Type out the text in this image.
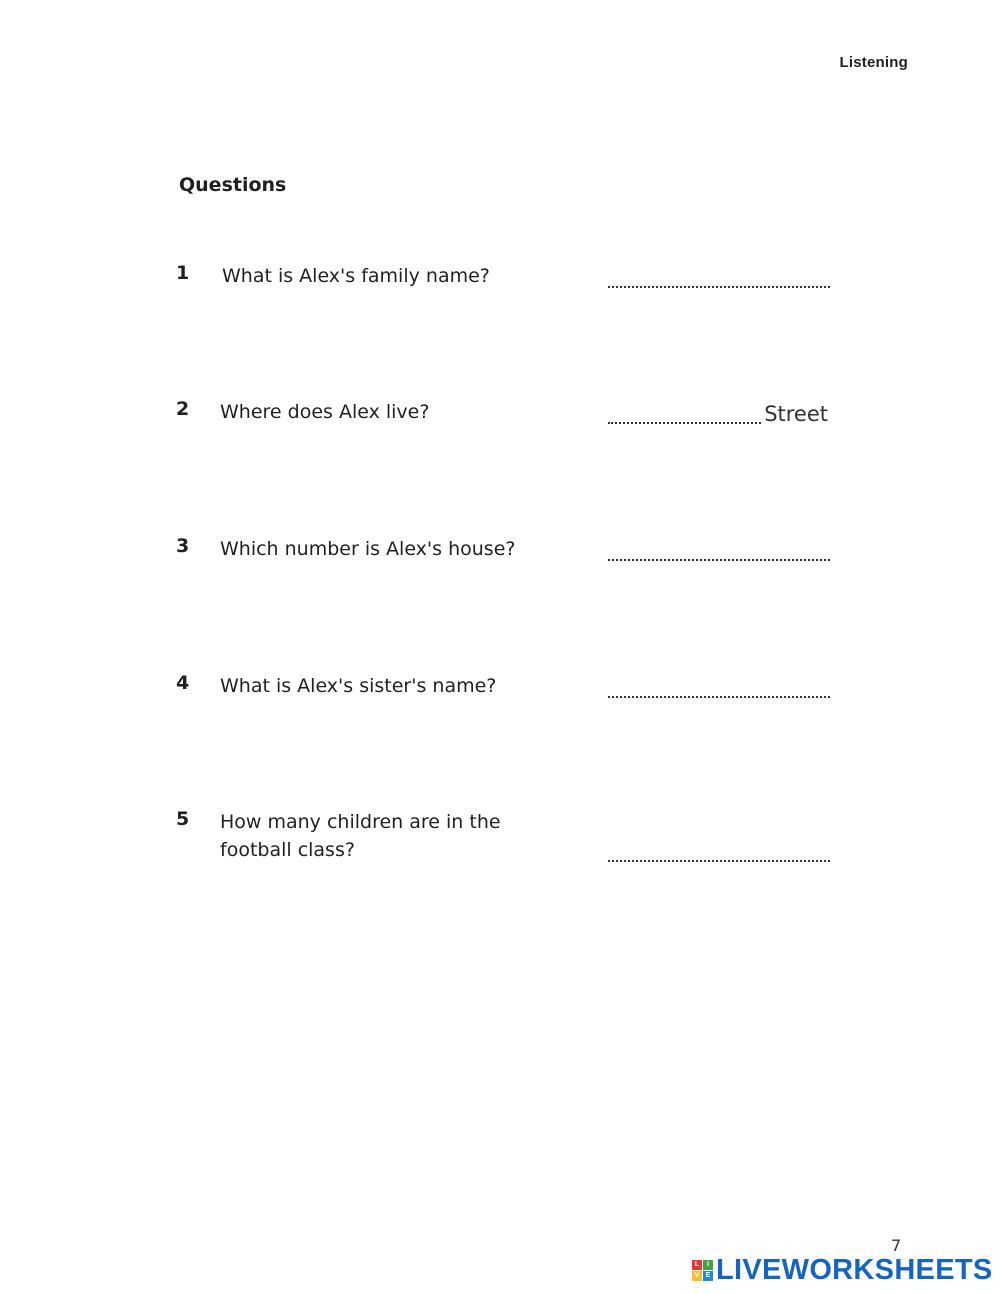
Listening
Questions
1 What is Alex's family name?
2 Where does Alex live?	Street
3 Which number is Alex's house?
4 What is Alex's sister's name?
5 How many children are in the football class?
7
L	I
V E LIVEWORKSHEETS
